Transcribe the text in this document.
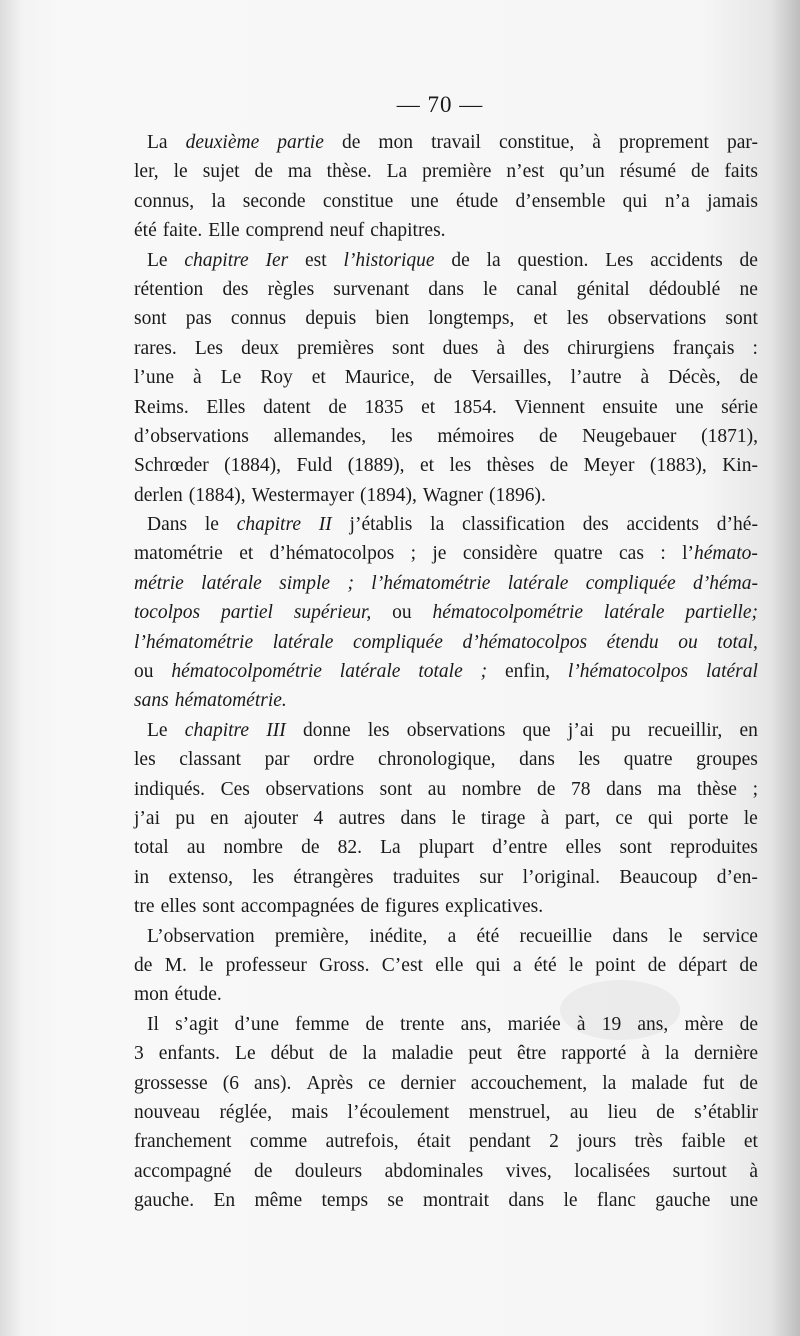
— 70 —
La deuxième partie de mon travail constitue, à proprement par-
ler, le sujet de ma thèse. La première n’est qu’un résumé de faits
connus, la seconde constitue une étude d’ensemble qui n’a jamais
été faite. Elle comprend neuf chapitres.
Le chapitre Ier est l’historique de la question. Les accidents de
rétention des règles survenant dans le canal génital dédoublé ne
sont pas connus depuis bien longtemps, et les observations sont
rares. Les deux premières sont dues à des chirurgiens français :
l’une à Le Roy et Maurice, de Versailles, l’autre à Décès, de
Reims. Elles datent de 1835 et 1854. Viennent ensuite une série
d’observations allemandes, les mémoires de Neugebauer (1871),
Schrœder (1884), Fuld (1889), et les thèses de Meyer (1883), Kin-
derlen (1884), Westermayer (1894), Wagner (1896).
Dans le chapitre II j’établis la classification des accidents d’hé-
matométrie et d’hématocolpos ; je considère quatre cas : l’hémato-
métrie latérale simple ; l’hématométrie latérale compliquée d’héma-
tocolpos partiel supérieur, ou hématocolpométrie latérale partielle;
l’hématométrie latérale compliquée d’hématocolpos étendu ou total,
ou hématocolpométrie latérale totale ; enfin, l’hématocolpos latéral
sans hématométrie.
Le chapitre III donne les observations que j’ai pu recueillir, en
les classant par ordre chronologique, dans les quatre groupes
indiqués. Ces observations sont au nombre de 78 dans ma thèse ;
j’ai pu en ajouter 4 autres dans le tirage à part, ce qui porte le
total au nombre de 82. La plupart d’entre elles sont reproduites
in extenso, les étrangères traduites sur l’original. Beaucoup d’en-
tre elles sont accompagnées de figures explicatives.
L’observation première, inédite, a été recueillie dans le service
de M. le professeur Gross. C’est elle qui a été le point de départ de
mon étude.
Il s’agit d’une femme de trente ans, mariée à 19 ans, mère de
3 enfants. Le début de la maladie peut être rapporté à la dernière
grossesse (6 ans). Après ce dernier accouchement, la malade fut de
nouveau réglée, mais l’écoulement menstruel, au lieu de s’établir
franchement comme autrefois, était pendant 2 jours très faible et
accompagné de douleurs abdominales vives, localisées surtout à
gauche. En même temps se montrait dans le flanc gauche une
